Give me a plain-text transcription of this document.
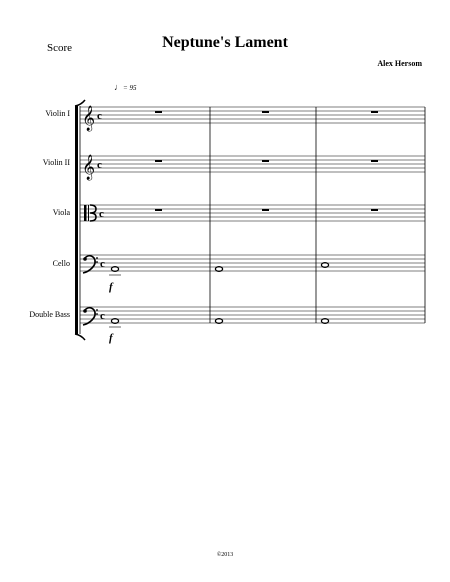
Score	Neptune's Lament
Alex Hersom
♩= 95
Violin I
Violin II
Viola
Cello
Double Bass
𝄞 c
𝄞 c
c
c
c
f
f
©2013
